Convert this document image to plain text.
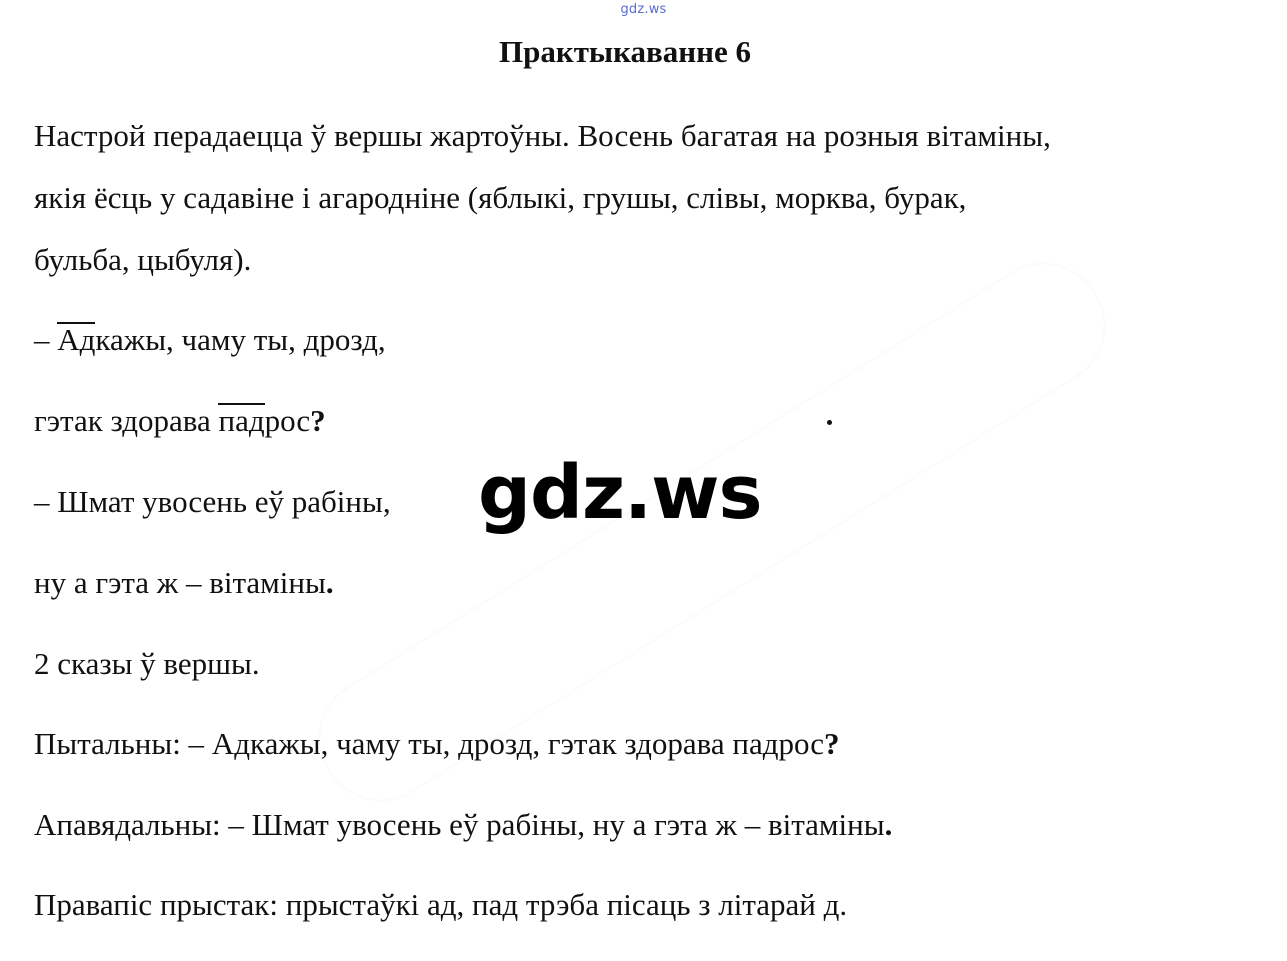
gdz.ws
Практыкаванне 6
Настрой перадаецца ў вершы жартоўны. Восень багатая на розныя вітаміны,
якія ёсць у садавіне і агародніне (яблыкі, грушы, слівы, морква, бурак,
бульба, цыбуля).
– Адкажы, чаму ты, дрозд,
гэтак здорава падрос?
– Шмат увосень еў рабіны, gdz.ws
ну а гэта ж – вітаміны.
2 сказы ў вершы.
Пытальны: – Адкажы, чаму ты, дрозд, гэтак здорава падрос?
Апавядальны: – Шмат увосень еў рабіны, ну а гэта ж – вітаміны.
Правапіс прыстак: прыстаўкі ад, пад трэба пісаць з літарай д.
